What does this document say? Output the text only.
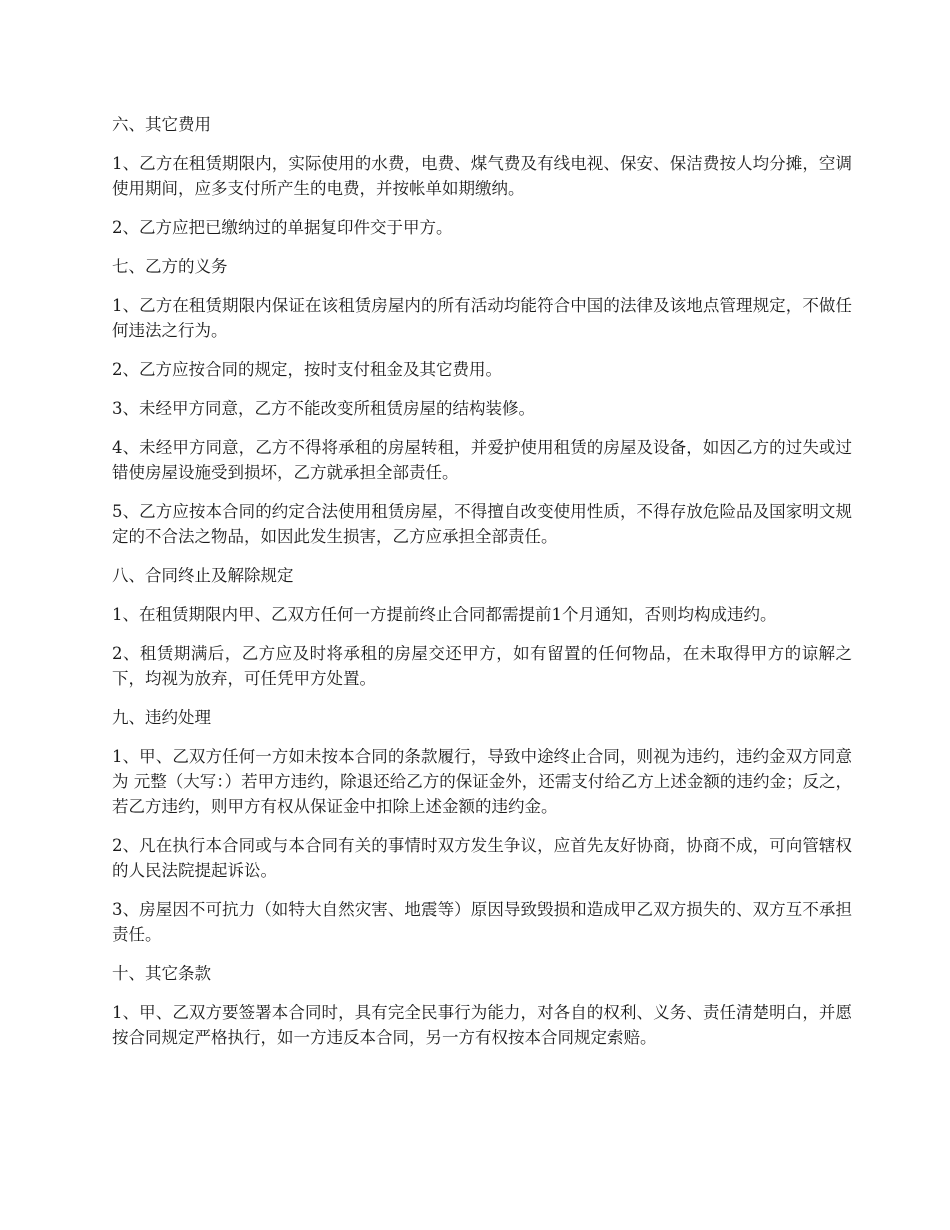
六、其它费用

1、乙方在租赁期限内，实际使用的水费，电费、煤气费及有线电视、保安、保洁费按人均分摊，空调使用期间，应多支付所产生的电费，并按帐单如期缴纳。

2、乙方应把已缴纳过的单据复印件交于甲方。

七、乙方的义务

1、乙方在租赁期限内保证在该租赁房屋内的所有活动均能符合中国的法律及该地点管理规定，不做任何违法之行为。

2、乙方应按合同的规定，按时支付租金及其它费用。

3、未经甲方同意，乙方不能改变所租赁房屋的结构装修。

4、未经甲方同意，乙方不得将承租的房屋转租，并爱护使用租赁的房屋及设备，如因乙方的过失或过错使房屋设施受到损坏，乙方就承担全部责任。

5、乙方应按本合同的约定合法使用租赁房屋，不得擅自改变使用性质，不得存放危险品及国家明文规定的不合法之物品，如因此发生损害，乙方应承担全部责任。

八、合同终止及解除规定

1、在租赁期限内甲、乙双方任何一方提前终止合同都需提前1个月通知，否则均构成违约。

2、租赁期满后，乙方应及时将承租的房屋交还甲方，如有留置的任何物品，在未取得甲方的谅解之下，均视为放弃，可任凭甲方处置。

九、违约处理

1、甲、乙双方任何一方如未按本合同的条款履行，导致中途终止合同，则视为违约，违约金双方同意为 元整（大写：）若甲方违约，除退还给乙方的保证金外，还需支付给乙方上述金额的违约金；反之，若乙方违约，则甲方有权从保证金中扣除上述金额的违约金。

2、凡在执行本合同或与本合同有关的事情时双方发生争议，应首先友好协商，协商不成，可向管辖权的人民法院提起诉讼。

3、房屋因不可抗力（如特大自然灾害、地震等）原因导致毁损和造成甲乙双方损失的、双方互不承担责任。

十、其它条款

1、甲、乙双方要签署本合同时，具有完全民事行为能力，对各自的权利、义务、责任清楚明白，并愿按合同规定严格执行，如一方违反本合同，另一方有权按本合同规定索赔。
